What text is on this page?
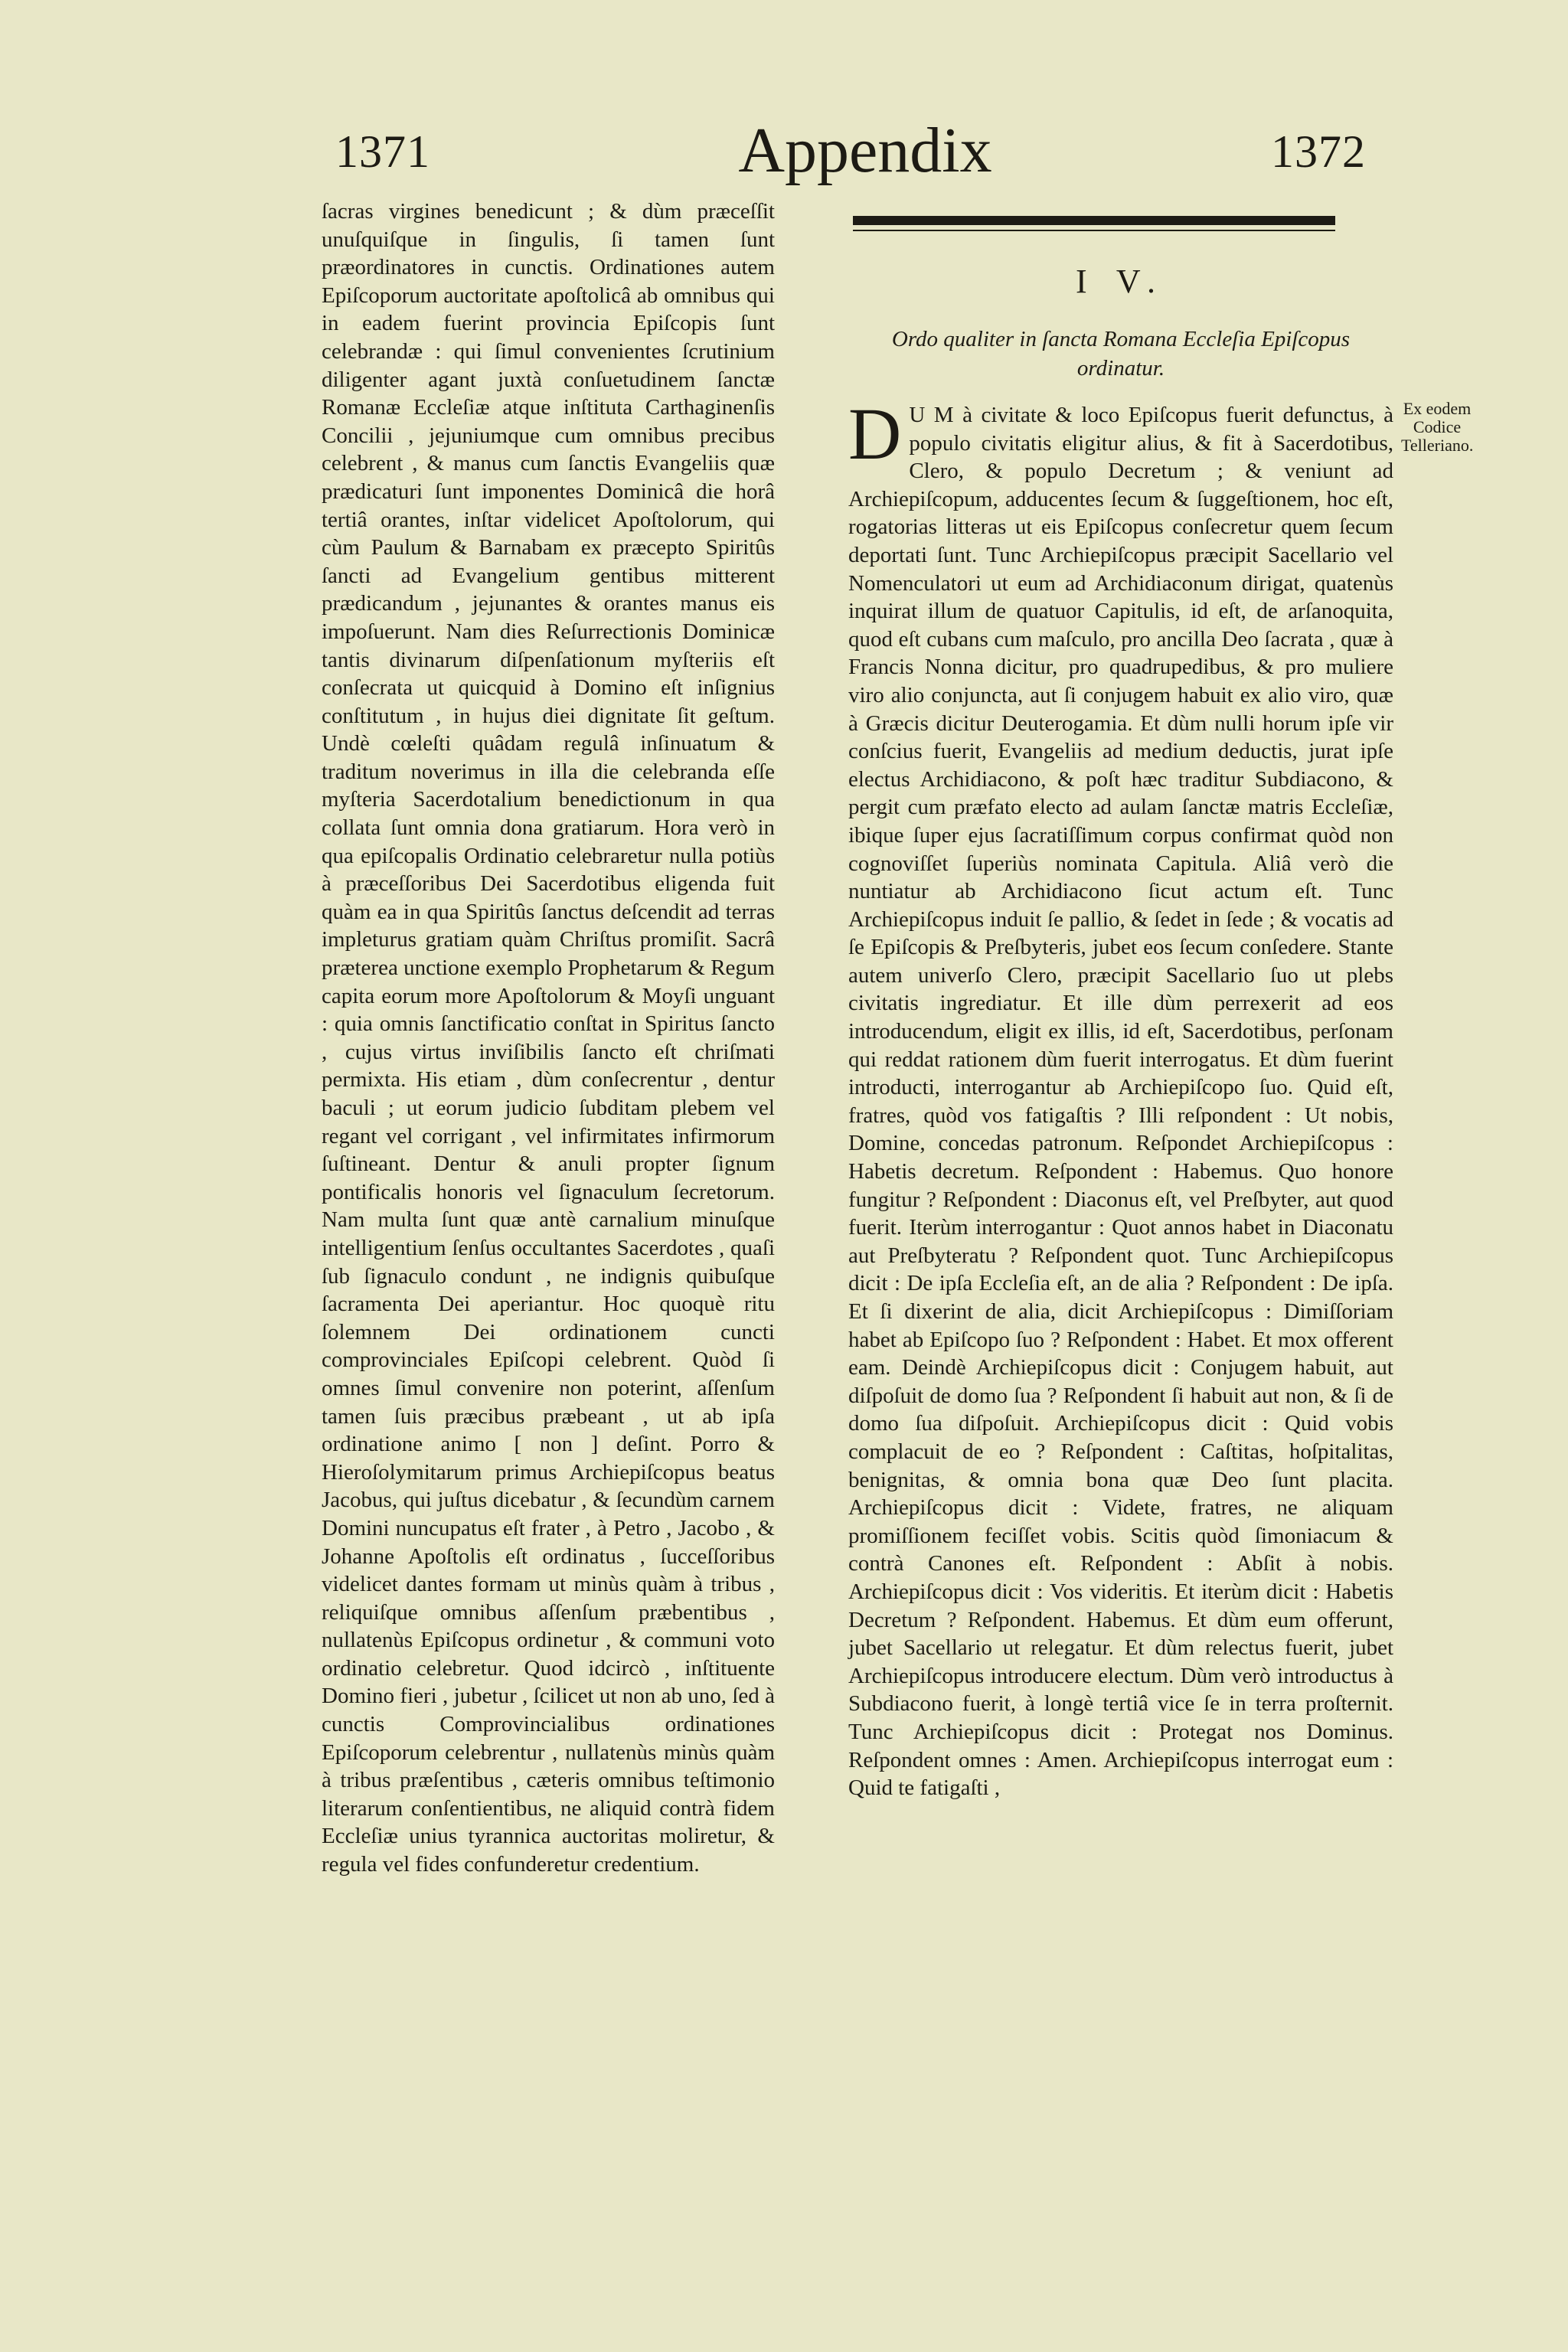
1371	Appendix	1372
ſacras virgines benedicunt ; & dùm præceſſit unuſquiſque in ſingulis, ſi tamen ſunt præordinatores in cunctis. Ordinationes autem Epiſcoporum auctoritate apoſtolicâ ab omnibus qui in eadem fuerint provincia Epiſcopis ſunt celebrandæ : qui ſimul convenientes ſcrutinium diligenter agant juxtà conſuetudinem ſanctæ Romanæ Eccleſiæ atque inſtituta Carthaginenſis Concilii , jejuniumque cum omnibus precibus celebrent , & manus cum ſanctis Evangeliis quæ prædicaturi ſunt imponentes Dominicâ die horâ tertiâ orantes, inſtar videlicet Apoſtolorum, qui cùm Paulum & Barnabam ex præcepto Spiritûs ſancti ad Evangelium gentibus mitterent prædicandum , jejunantes & orantes manus eis impoſuerunt. Nam dies Reſurrectionis Dominicæ tantis divinarum diſpenſationum myſteriis eſt conſecrata ut quicquid à Domino eſt inſignius conſtitutum , in hujus diei dignitate ſit geſtum. Undè cœleſti quâdam regulâ inſinuatum & traditum noverimus in illa die celebranda eſſe myſteria Sacerdotalium benedictionum in qua collata ſunt omnia dona gratiarum. Hora verò in qua epiſcopalis Ordinatio celebraretur nulla potiùs à præceſſoribus Dei Sacerdotibus eligenda fuit quàm ea in qua Spiritûs ſanctus deſcendit ad terras impleturus gratiam quàm Chriſtus promiſit. Sacrâ præterea unctione exemplo Prophetarum & Regum capita eorum more Apoſtolorum & Moyſi unguant : quia omnis ſanctificatio conſtat in Spiritus ſancto , cujus virtus inviſibilis ſancto eſt chriſmati permixta. His etiam , dùm conſecrentur , dentur baculi ; ut eorum judicio ſubditam plebem vel regant vel corrigant , vel infirmitates infirmorum ſuſtineant. Dentur & anuli propter ſignum pontificalis honoris vel ſignaculum ſecretorum. Nam multa ſunt quæ antè carnalium minuſque intelligentium ſenſus occultantes Sacerdotes , quaſi ſub ſignaculo condunt , ne indignis quibuſque ſacramenta Dei aperiantur. Hoc quoquè ritu ſolemnem Dei ordinationem cuncti comprovinciales Epiſcopi celebrent. Quòd ſi omnes ſimul convenire non poterint, aſſenſum tamen ſuis præcibus præbeant , ut ab ipſa ordinatione animo [ non ] deſint. Porro & Hieroſolymitarum primus Archiepiſcopus beatus Jacobus, qui juſtus dicebatur , & ſecundùm carnem Domini nuncupatus eſt frater , à Petro , Jacobo , & Johanne Apoſtolis eſt ordinatus , ſucceſſoribus videlicet dantes formam ut minùs quàm à tribus , reliquiſque omnibus aſſenſum præbentibus , nullatenùs Epiſcopus ordinetur , & communi voto ordinatio celebretur. Quod idcircò , inſtituente Domino fieri , jubetur , ſcilicet ut non ab uno, ſed à cunctis Comprovincialibus ordinationes Epiſcoporum celebrentur , nullatenùs minùs quàm à tribus præſentibus , cæteris omnibus teſtimonio literarum conſentientibus, ne aliquid contrà fidem Eccleſiæ unius tyrannica auctoritas moliretur, & regula vel fides confunderetur credentium.
I V.
Ordo qualiter in ſancta Romana Eccleſia Epiſcopus ordinatur.
D U M à civitate & loco Epiſcopus fuerit defunctus, à populo civitatis eligitur alius, & fit à Sacerdotibus, Clero, & populo Decretum ; & veniunt ad Archiepiſcopum, adducentes ſecum & ſuggeſtionem, hoc eſt, rogatorias litteras ut eis Epiſcopus conſecretur quem ſecum deportati ſunt. Tunc Archiepiſcopus præcipit Sacellario vel Nomenculatori ut eum ad Archidiaconum dirigat, quatenùs inquirat illum de quatuor Capitulis, id eſt, de arſanoquita, quod eſt cubans cum maſculo, pro ancilla Deo ſacrata , quæ à Francis Nonna dicitur, pro quadrupedibus, & pro muliere viro alio conjuncta, aut ſi conjugem habuit ex alio viro, quæ à Græcis dicitur Deuterogamia. Et dùm nulli horum ipſe vir conſcius fuerit, Evangeliis ad medium deductis, jurat ipſe electus Archidiacono, & poſt hæc traditur Subdiacono, & pergit cum præfato electo ad aulam ſanctæ matris Eccleſiæ, ibique ſuper ejus ſacratiſſimum corpus confirmat quòd non cognoviſſet ſuperiùs nominata Capitula. Aliâ verò die nuntiatur ab Archidiacono ſicut actum eſt. Tunc Archiepiſcopus induit ſe pallio, & ſedet in ſede ; & vocatis ad ſe Epiſcopis & Preſbyteris, jubet eos ſecum conſedere. Stante autem univerſo Clero, præcipit Sacellario ſuo ut plebs civitatis ingrediatur. Et ille dùm perrexerit ad eos introducendum, eligit ex illis, id eſt, Sacerdotibus, perſonam qui reddat rationem dùm fuerit interrogatus. Et dùm fuerint introducti, interrogantur ab Archiepiſcopo ſuo. Quid eſt, fratres, quòd vos fatigaſtis ? Illi reſpondent : Ut nobis, Domine, concedas patronum. Reſpondet Archiepiſcopus : Habetis decretum. Reſpondent : Habemus. Quo honore fungitur ? Reſpondent : Diaconus eſt, vel Preſbyter, aut quod fuerit. Iterùm interrogantur : Quot annos habet in Diaconatu aut Preſbyteratu ? Reſpondent quot. Tunc Archiepiſcopus dicit : De ipſa Eccleſia eſt, an de alia ? Reſpondent : De ipſa. Et ſi dixerint de alia, dicit Archiepiſcopus : Dimiſſoriam habet ab Epiſcopo ſuo ? Reſpondent : Habet. Et mox offerent eam. Deindè Archiepiſcopus dicit : Conjugem habuit, aut diſpoſuit de domo ſua ? Reſpondent ſi habuit aut non, & ſi de domo ſua diſpoſuit. Archiepiſcopus dicit : Quid vobis complacuit de eo ? Reſpondent : Caſtitas, hoſpitalitas, benignitas, & omnia bona quæ Deo ſunt placita. Archiepiſcopus dicit : Videte, fratres, ne aliquam promiſſionem feciſſet vobis. Scitis quòd ſimoniacum & contrà Canones eſt. Reſpondent : Abſit à nobis. Archiepiſcopus dicit : Vos videritis. Et iterùm dicit : Habetis Decretum ? Reſpondent. Habemus. Et dùm eum offerunt, jubet Sacellario ut relegatur. Et dùm relectus fuerit, jubet Archiepiſcopus introducere electum. Dùm verò introductus à Subdiacono fuerit, à longè tertiâ vice ſe in terra proſternit. Tunc Archiepiſcopus dicit : Protegat nos Dominus. Reſpondent omnes : Amen. Archiepiſcopus interrogat eum : Quid te fatigaſti ,
Ex eodem Codice Telleriano.
